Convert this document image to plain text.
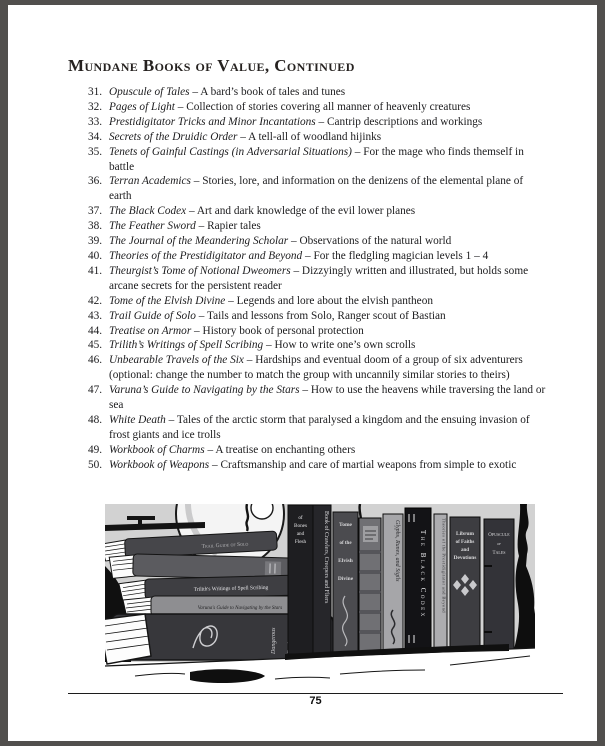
Mundane Books of Value, Continued
31. Opuscule of Tales – A bard’s book of tales and tunes
32. Pages of Light – Collection of stories covering all manner of heavenly creatures
33. Prestidigitator Tricks and Minor Incantations – Cantrip descriptions and workings
34. Secrets of the Druidic Order – A tell-all of woodland hijinks
35. Tenets of Gainful Castings (in Adversarial Situations) – For the mage who finds themself in battle
36. Terran Academics – Stories, lore, and information on the denizens of the elemental plane of earth
37. The Black Codex – Art and dark knowledge of the evil lower planes
38. The Feather Sword – Rapier tales
39. The Journal of the Meandering Scholar – Observations of the natural world
40. Theories of the Prestidigitator and Beyond – For the fledgling magician levels 1 – 4
41. Theurgist’s Tome of Notional Dweomers – Dizzyingly written and illustrated, but holds some arcane secrets for the persistent reader
42. Tome of the Elvish Divine – Legends and lore about the elvish pantheon
43. Trail Guide of Solo – Tails and lessons from Solo, Ranger scout of Bastian
44. Treatise on Armor – History book of personal protection
45. Trilith’s Writings of Spell Scribing – How to write one’s own scrolls
46. Unbearable Travels of the Six – Hardships and eventual doom of a group of six adventurers (optional: change the number to match the group with uncannily similar stories to theirs)
47. Varuna’s Guide to Navigating by the Stars – How to use the heavens while traversing the land or sea
48. White Death – Tales of the arctic storm that paralysed a kingdom and the ensuing invasion of frost giants and ice trolls
49. Workbook of Charms – A treatise on enchanting others
50. Workbook of Weapons – Craftsmanship and care of martial weapons from simple to exotic
Trail Guide of Solo
Trilith's Writings of Spell Scribing
Varuna's Guide to Navigating by the Stars
Dangerous
of
Bones
and
Flesh	Book of Crawlers, Creepers and Fliers Tome
of the
Elvish
Divine	Glyphs, Runes, and Sigils	The Black Codex	Theories of the Prestidigitator and Beyond Librum
of Faiths
and
Devotions
Opuscule
of
Tales
75
